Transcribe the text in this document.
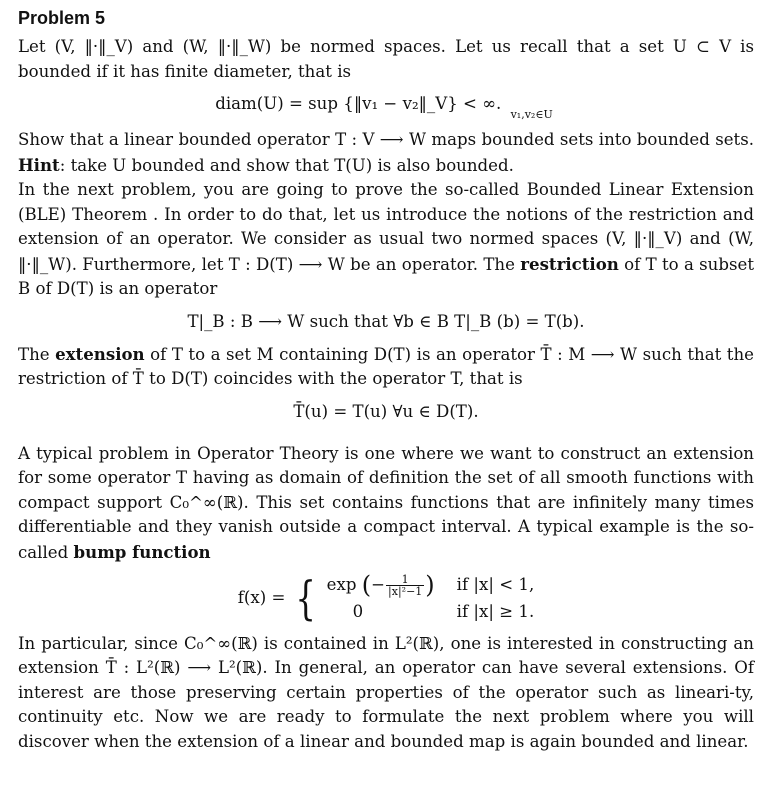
Problem 5

Let (V, ‖·‖_V) and (W, ‖·‖_W) be normed spaces. Let us recall that a set U ⊂ V is bounded if it has finite diameter, that is

diam(U) = sup {‖v₁ − v₂‖_V} < ∞.
v₁,v₂∈U

Show that a linear bounded operator T : V ⟶ W maps bounded sets into bounded sets. Hint: take U bounded and show that T(U) is also bounded.

In the next problem, you are going to prove the so-called Bounded Linear Extension (BLE) Theorem . In order to do that, let us introduce the notions of the restriction and extension of an operator. We consider as usual two normed spaces (V, ‖·‖_V) and (W, ‖·‖_W). Furthermore, let T : D(T) ⟶ W be an operator. The restriction of T to a subset B of D(T) is an operator

T|_B : B ⟶ W such that ∀b ∈ B T|_B (b) = T(b).

The extension of T to a set M containing D(T) is an operator T̄ : M ⟶ W such that the restriction of T̄ to D(T) coincides with the operator T, that is

T̄(u) = T(u) ∀u ∈ D(T).

A typical problem in Operator Theory is one where we want to construct an extension for some operator T having as domain of definition the set of all smooth functions with compact support C₀^∞(ℝ). This set contains functions that are infinitely many times differentiable and they vanish outside a compact interval. A typical example is the so-called bump function

f(x) = { exp (− $\frac{1}{\text{|x|²−1}}$ ) if |x| < 1,
0	if |x| ≥ 1.

In particular, since C₀^∞(ℝ) is contained in L²(ℝ), one is interested in constructing an extension T̄ : L²(ℝ) ⟶ L²(ℝ). In general, an operator can have several extensions. Of interest are those preserving certain properties of the operator such as lineari-ty, continuity etc. Now we are ready to formulate the next problem where you will discover when the extension of a linear and bounded map is again bounded and linear.
